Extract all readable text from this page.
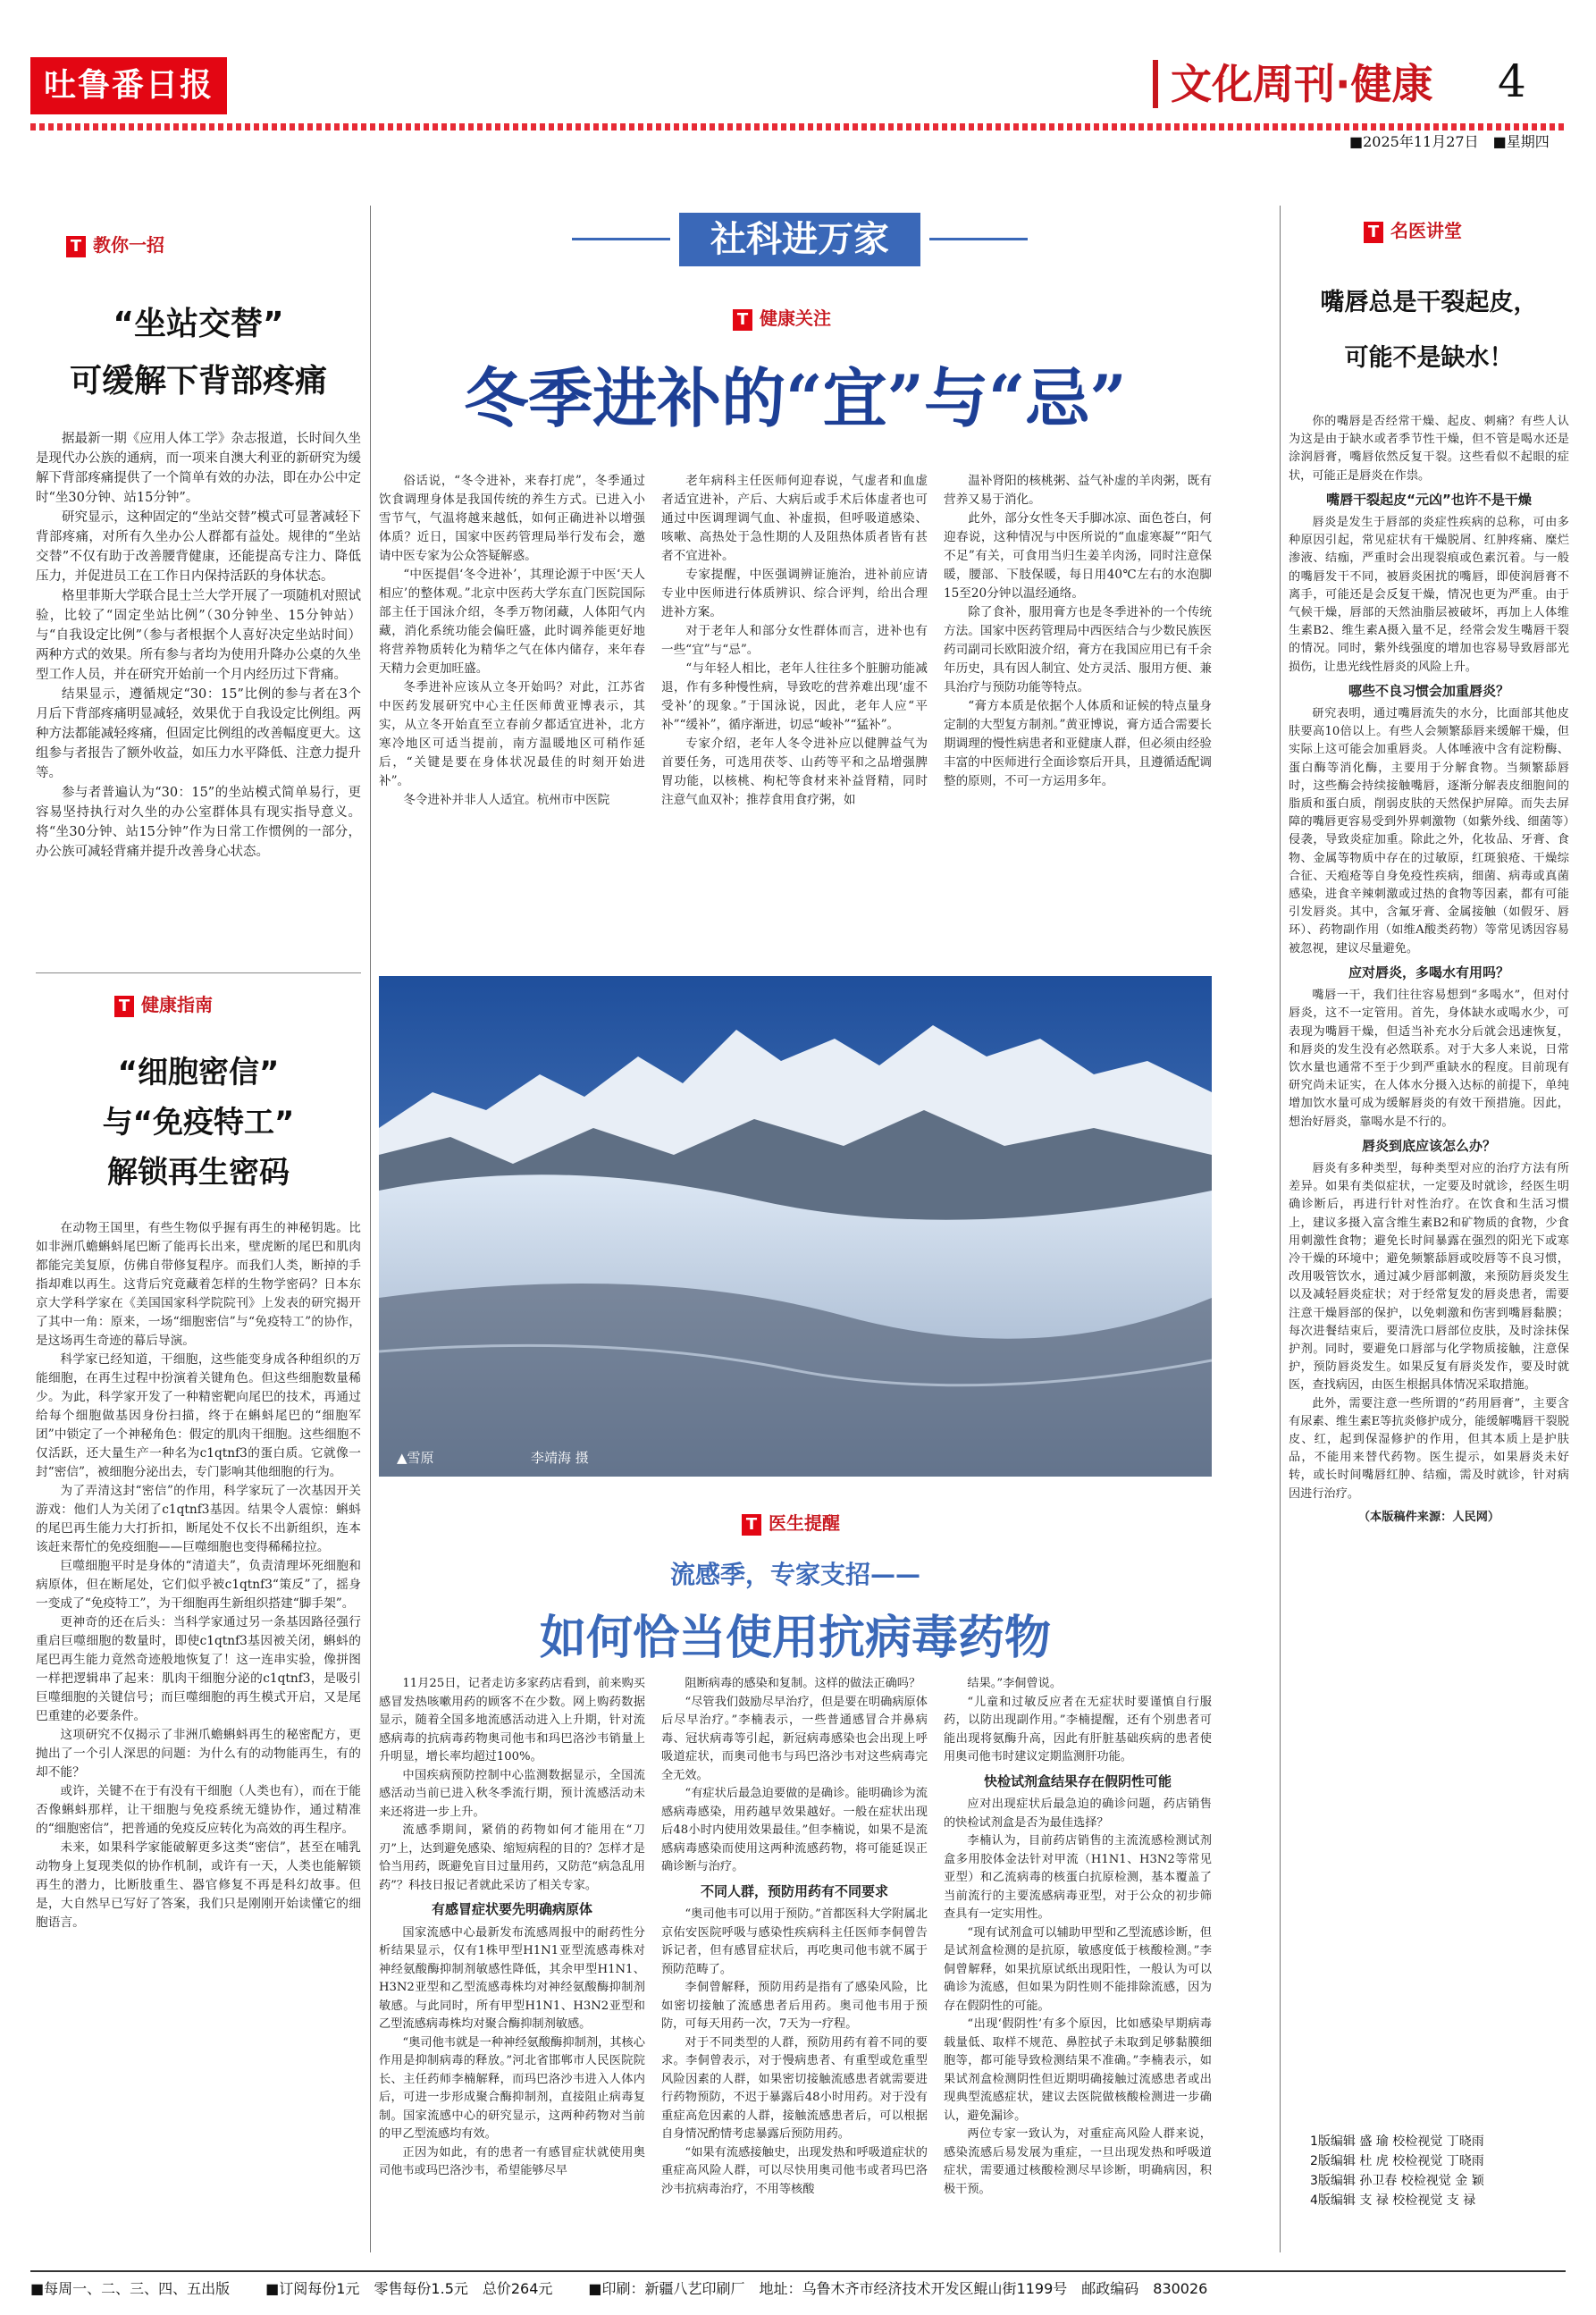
吐鲁番日报	文化周刊·健康 4
■2025年11月27日　■星期四
T 教你一招
“坐站交替”
可缓解下背部疼痛

据最新一期《应用人体工学》杂志报道，长时间久坐是现代办公族的通病，而一项来自澳大利亚的新研究为缓解下背部疼痛提供了一个简单有效的办法，即在办公中定时“坐30分钟、站15分钟”。

研究显示，这种固定的“坐站交替”模式可显著减轻下背部疼痛，对所有久坐办公人群都有益处。规律的“坐站交替”不仅有助于改善腰背健康，还能提高专注力、降低压力，并促进员工在工作日内保持活跃的身体状态。

格里菲斯大学联合昆士兰大学开展了一项随机对照试验，比较了“固定坐站比例”（30分钟坐、15分钟站）与“自我设定比例”（参与者根据个人喜好决定坐站时间）两种方式的效果。所有参与者均为使用升降办公桌的久坐型工作人员，并在研究开始前一个月内经历过下背痛。

结果显示，遵循规定“30：15”比例的参与者在3个月后下背部疼痛明显减轻，效果优于自我设定比例组。两种方法都能减轻疼痛，但固定比例组的改善幅度更大。这组参与者报告了额外收益，如压力水平降低、注意力提升等。

参与者普遍认为“30：15”的坐站模式简单易行，更容易坚持执行对久坐的办公室群体具有现实指导意义。将“坐30分钟、站15分钟”作为日常工作惯例的一部分，办公族可减轻背痛并提升改善身心状态。

T 健康指南
“细胞密信”
与“免疫特工”
解锁再生密码

在动物王国里，有些生物似乎握有再生的神秘钥匙。比如非洲爪蟾蝌蚪尾巴断了能再长出来，壁虎断的尾巴和肌肉都能完美复原，仿佛自带修复程序。而我们人类，断掉的手指却难以再生。这背后究竟藏着怎样的生物学密码？日本东京大学科学家在《美国国家科学院院刊》上发表的研究揭开了其中一角：原来，一场“细胞密信”与“免疫特工”的协作，是这场再生奇迹的幕后导演。

科学家已经知道，干细胞，这些能变身成各种组织的万能细胞，在再生过程中扮演着关键角色。但这些细胞数量稀少。为此，科学家开发了一种精密靶向尾巴的技术，再通过给每个细胞做基因身份扫描，终于在蝌蚪尾巴的“细胞军团”中锁定了一个神秘角色：假定的肌肉干细胞。这些细胞不仅活跃，还大量生产一种名为c1qtnf3的蛋白质。它就像一封“密信”，被细胞分泌出去，专门影响其他细胞的行为。

为了弄清这封“密信”的作用，科学家玩了一次基因开关游戏：他们人为关闭了c1qtnf3基因。结果令人震惊：蝌蚪的尾巴再生能力大打折扣，断尾处不仅长不出新组织，连本该赶来帮忙的免疫细胞——巨噬细胞也变得稀稀拉拉。

巨噬细胞平时是身体的“清道夫”，负责清理坏死细胞和病原体，但在断尾处，它们似乎被c1qtnf3“策反”了，摇身一变成了“免疫特工”，为干细胞再生新组织搭建“脚手架”。

更神奇的还在后头：当科学家通过另一条基因路径强行重启巨噬细胞的数量时，即使c1qtnf3基因被关闭，蝌蚪的尾巴再生能力竟然奇迹般地恢复了！这一连串实验，像拼图一样把逻辑串了起来：肌肉干细胞分泌的c1qtnf3，是吸引巨噬细胞的关键信号；而巨噬细胞的再生模式开启，又是尾巴重建的必要条件。

这项研究不仅揭示了非洲爪蟾蝌蚪再生的秘密配方，更抛出了一个引人深思的问题：为什么有的动物能再生，有的却不能？

或许，关键不在于有没有干细胞（人类也有），而在于能否像蝌蚪那样，让干细胞与免疫系统无缝协作，通过精准的“细胞密信”，把普通的免疫反应转化为高效的再生程序。

未来，如果科学家能破解更多这类“密信”，甚至在哺乳动物身上复现类似的协作机制，或许有一天，人类也能解锁再生的潜力，比断肢重生、器官修复不再是科幻故事。但是，大自然早已写好了答案，我们只是刚刚开始读懂它的细胞语言。

社科进万家
T 健康关注
冬季进补的“宜”与“忌”

俗话说，“冬令进补，来春打虎”，冬季通过饮食调理身体是我国传统的养生方式。已进入小雪节气，气温将越来越低，如何正确进补以增强体质？近日，国家中医药管理局举行发布会，邀请中医专家为公众答疑解惑。

“中医提倡‘冬令进补’，其理论源于中医‘天人相应’的整体观。”北京中医药大学东直门医院国际部主任于国泳介绍，冬季万物闭藏，人体阳气内藏，消化系统功能会偏旺盛，此时调养能更好地将营养物质转化为精华之气在体内储存，来年春天精力会更加旺盛。

冬季进补应该从立冬开始吗？对此，江苏省中医药发展研究中心主任医师黄亚博表示，其实，从立冬开始直至立春前夕都适宜进补，北方寒冷地区可适当提前，南方温暖地区可稍作延后，“关键是要在身体状况最佳的时刻开始进补”。

冬令进补并非人人适宜。杭州市中医院

老年病科主任医师何迎春说，气虚者和血虚者适宜进补，产后、大病后或手术后体虚者也可通过中医调理调气血、补虚损，但呼吸道感染、咳嗽、高热处于急性期的人及阻热体质者皆有甚者不宜进补。

专家提醒，中医强调辨证施治，进补前应请专业中医师进行体质辨识、综合评判，给出合理进补方案。

对于老年人和部分女性群体而言，进补也有一些“宜”与“忌”。

“与年轻人相比，老年人往往多个脏腑功能减退，作有多种慢性病，导致吃的营养难出现‘虚不受补’的现象。”于国泳说，因此，老年人应“平补”“缓补”，循序渐进，切忌“峻补”“猛补”。

专家介绍，老年人冬令进补应以健脾益气为首要任务，可选用茯苓、山药等平和之品增强脾胃功能，以核桃、枸杞等食材来补益肾精，同时注意气血双补；推荐食用食疗粥，如

温补肾阳的核桃粥、益气补虚的羊肉粥，既有营养又易于消化。

此外，部分女性冬天手脚冰凉、面色苍白，何迎春说，这种情况与中医所说的“血虚寒凝”“阳气不足”有关，可食用当归生姜羊肉汤，同时注意保暖，腰部、下肢保暖，每日用40℃左右的水泡脚15至20分钟以温经通络。

除了食补，服用膏方也是冬季进补的一个传统方法。国家中医药管理局中西医结合与少数民族医药司副司长欧阳波介绍，膏方在我国应用已有千余年历史，具有因人制宜、处方灵活、服用方便、兼具治疗与预防功能等特点。

“膏方本质是依据个人体质和证候的特点量身定制的大型复方制剂。”黄亚博说，膏方适合需要长期调理的慢性病患者和亚健康人群，但必须由经验丰富的中医师进行全面诊察后开具，且遵循适配调整的原则，不可一方运用多年。

▲雪原	李靖海 摄
T 医生提醒
流感季，专家支招——
如何恰当使用抗病毒药物

11月25日，记者走访多家药店看到，前来购买感冒发热咳嗽用药的顾客不在少数。网上购药数据显示，随着全国多地流感活动进入上升期，针对流感病毒的抗病毒药物奥司他韦和玛巴洛沙韦销量上升明显，增长率均超过100%。

中国疾病预防控制中心监测数据显示，全国流感活动当前已进入秋冬季流行期，预计流感活动未来还将进一步上升。

流感季期间，紧俏的药物如何才能用在“刀刃”上，达到避免感染、缩短病程的目的？怎样才是恰当用药，既避免盲目过量用药，又防范“病急乱用药”？科技日报记者就此采访了相关专家。

有感冒症状要先明确病原体

国家流感中心最新发布流感周报中的耐药性分析结果显示，仅有1株甲型H1N1亚型流感毒株对神经氨酸酶抑制剂敏感性降低，其余甲型H1N1、H3N2亚型和乙型流感毒株均对神经氨酸酶抑制剂敏感。与此同时，所有甲型H1N1、H3N2亚型和乙型流感病毒株均对聚合酶抑制剂敏感。

“奥司他韦就是一种神经氨酸酶抑制剂，其核心作用是抑制病毒的释放。”河北省邯郸市人民医院院长、主任药师李楠解释，而玛巴洛沙韦进入人体内后，可进一步形成聚合酶抑制剂，直接阻止病毒复制。国家流感中心的研究显示，这两种药物对当前的甲乙型流感均有效。

正因为如此，有的患者一有感冒症状就使用奥司他韦或玛巴洛沙韦，希望能够尽早

阻断病毒的感染和复制。这样的做法正确吗？

“尽管我们鼓励尽早治疗，但是要在明确病原体后尽早治疗。”李楠表示，一些普通感冒合并鼻病毒、冠状病毒等引起，新冠病毒感染也会出现上呼吸道症状，而奥司他韦与玛巴洛沙韦对这些病毒完全无效。

“有症状后最急迫要做的是确诊。能明确诊为流感病毒感染，用药越早效果越好。一般在症状出现后48小时内使用效果最佳。”但李楠说，如果不是流感病毒感染而使用这两种流感药物，将可能延误正确诊断与治疗。

不同人群，预防用药有不同要求

“奥司他韦可以用于预防。”首都医科大学附属北京佑安医院呼吸与感染性疾病科主任医师李侗曾告诉记者，但有感冒症状后，再吃奥司他韦就不属于预防范畴了。

李侗曾解释，预防用药是指有了感染风险，比如密切接触了流感患者后用药。奥司他韦用于预防，可每天用药一次，7天为一疗程。

对于不同类型的人群，预防用药有着不同的要求。李侗曾表示，对于慢病患者、有重型或危重型风险因素的人群，如果密切接触流感患者就需要进行药物预防，不迟于暴露后48小时用药。对于没有重症高危因素的人群，接触流感患者后，可以根据自身情况酌情考虑暴露后预防用药。

“如果有流感接触史，出现发热和呼吸道症状的重症高风险人群，可以尽快用奥司他韦或者玛巴洛沙韦抗病毒治疗，不用等核酸

结果。”李侗曾说。

“儿童和过敏反应者在无症状时要谨慎自行服药，以防出现副作用。”李楠提醒，还有个别患者可能出现将氨酶升高，因此有肝脏基础疾病的患者使用奥司他韦时建议定期监测肝功能。

快检试剂盒结果存在假阴性可能

应对出现症状后最急迫的确诊问题，药店销售的快检试剂盒是否为最佳选择？

李楠认为，目前药店销售的主流流感检测试剂盒多用胶体金法针对甲流（H1N1、H3N2等常见亚型）和乙流病毒的核蛋白抗原检测，基本覆盖了当前流行的主要流感病毒亚型，对于公众的初步筛查具有一定实用性。

“现有试剂盒可以辅助甲型和乙型流感诊断，但是试剂盒检测的是抗原，敏感度低于核酸检测。”李侗曾解释，如果抗原试纸出现阳性，一般认为可以确诊为流感，但如果为阴性则不能排除流感，因为存在假阴性的可能。

“出现‘假阴性’有多个原因，比如感染早期病毒载量低、取样不规范、鼻腔拭子未取到足够黏膜细胞等，都可能导致检测结果不准确。”李楠表示，如果试剂盒检测阴性但近期明确接触过流感患者或出现典型流感症状，建议去医院做核酸检测进一步确认，避免漏诊。

两位专家一致认为，对重症高风险人群来说，感染流感后易发展为重症，一旦出现发热和呼吸道症状，需要通过核酸检测尽早诊断，明确病因，积极干预。

T 名医讲堂
嘴唇总是干裂起皮，
可能不是缺水！

你的嘴唇是否经常干燥、起皮、刺痛？有些人认为这是由于缺水或者季节性干燥，但不管是喝水还是涂润唇膏，嘴唇依然反复干裂。这些看似不起眼的症状，可能正是唇炎在作祟。

嘴唇干裂起皮“元凶”也许不是干燥

唇炎是发生于唇部的炎症性疾病的总称，可由多种原因引起，常见症状有干燥脱屑、红肿疼痛、糜烂渗液、结痂，严重时会出现裂痕或色素沉着。与一般的嘴唇发干不同，被唇炎困扰的嘴唇，即使润唇膏不离手，可能还是会反复干燥，情况也更为严重。由于气候干燥，唇部的天然油脂层被破坏，再加上人体维生素B2、维生素A摄入量不足，经常会发生嘴唇干裂的情况。同时，紫外线强度的增加也容易导致唇部光损伤，让患光线性唇炎的风险上升。

哪些不良习惯会加重唇炎？

研究表明，通过嘴唇流失的水分，比面部其他皮肤要高10倍以上。有些人会频繁舔唇来缓解干燥，但实际上这可能会加重唇炎。人体唾液中含有淀粉酶、蛋白酶等消化酶，主要用于分解食物。当频繁舔唇时，这些酶会持续接触嘴唇，逐渐分解表皮细胞间的脂质和蛋白质，削弱皮肤的天然保护屏障。而失去屏障的嘴唇更容易受到外界刺激物（如紫外线、细菌等）侵袭，导致炎症加重。除此之外，化妆品、牙膏、食物、金属等物质中存在的过敏原，红斑狼疮、干燥综合征、天疱疮等自身免疫性疾病，细菌、病毒或真菌感染，进食辛辣刺激或过热的食物等因素，都有可能引发唇炎。其中，含氟牙膏、金属接触（如假牙、唇环）、药物副作用（如维A酸类药物）等常见诱因容易被忽视，建议尽量避免。

应对唇炎，多喝水有用吗？

嘴唇一干，我们往往容易想到“多喝水”，但对付唇炎，这不一定管用。首先，身体缺水或喝水少，可表现为嘴唇干燥，但适当补充水分后就会迅速恢复，和唇炎的发生没有必然联系。对于大多人来说，日常饮水量也通常不至于少到严重缺水的程度。目前现有研究尚未证实，在人体水分摄入达标的前提下，单纯增加饮水量可成为缓解唇炎的有效干预措施。因此，想治好唇炎，靠喝水是不行的。

唇炎到底应该怎么办？

唇炎有多种类型，每种类型对应的治疗方法有所差异。如果有类似症状，一定要及时就诊，经医生明确诊断后，再进行针对性治疗。在饮食和生活习惯上，建议多摄入富含维生素B2和矿物质的食物，少食用刺激性食物；避免长时间暴露在强烈的阳光下或寒冷干燥的环境中；避免频繁舔唇或咬唇等不良习惯，改用吸管饮水，通过减少唇部刺激，来预防唇炎发生以及减轻唇炎症状；对于经常复发的唇炎患者，需要注意干燥唇部的保护，以免刺激和伤害到嘴唇黏膜；每次进餐结束后，要清洗口唇部位皮肤，及时涂抹保护剂。同时，要避免口唇部与化学物质接触，注意保护，预防唇炎发生。如果反复有唇炎发作，要及时就医，查找病因，由医生根据具体情况采取措施。

此外，需要注意一些所谓的“药用唇膏”，主要含有尿素、维生素E等抗炎修护成分，能缓解嘴唇干裂脱皮、红，起到保湿修护的作用，但其本质上是护肤品，不能用来替代药物。医生提示，如果唇炎未好转，或长时间嘴唇红肿、结痂，需及时就诊，针对病因进行治疗。

（本版稿件来源：人民网）
1版编辑 盛 瑜 校检视觉 丁晓雨
2版编辑 杜 虎 校检视觉 丁晓雨
3版编辑 孙卫春 校检视觉 金 颖
4版编辑 支 禄 校检视觉 支 禄
■每周一、二、三、四、五出版	■订阅每份1元　零售每份1.5元　总价264元	■印刷：新疆八艺印刷厂　地址：乌鲁木齐市经济技术开发区鲲山街1199号　邮政编码　830026
